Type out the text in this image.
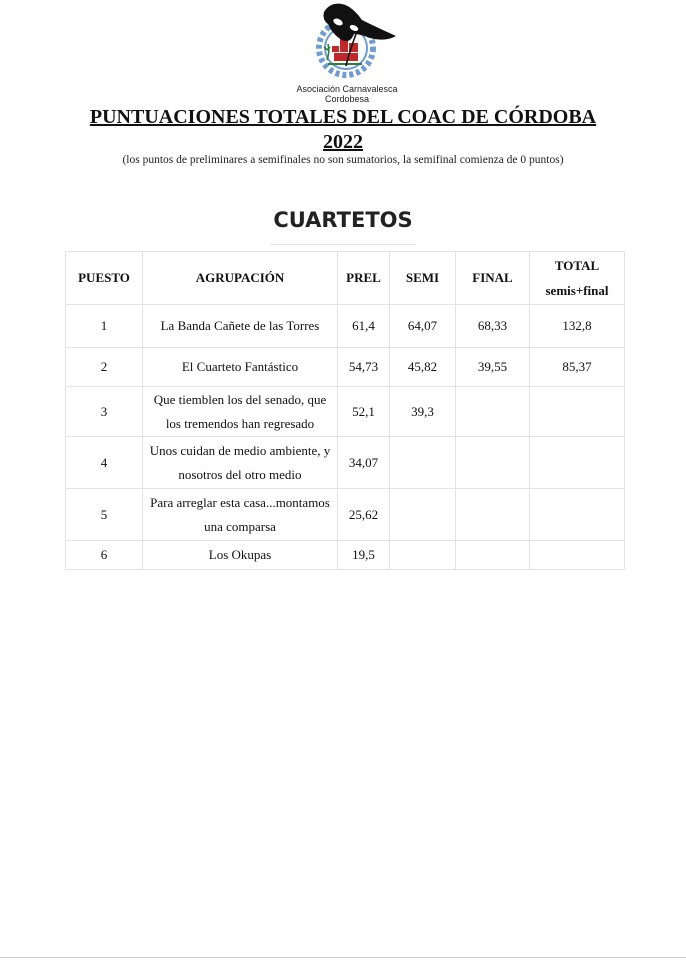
Asociación Carnavalesca
Cordobesa
PUNTUACIONES TOTALES DEL COAC DE CÓRDOBA
2022
(los puntos de preliminares a semifinales no son sumatorios, la semifinal comienza de 0 puntos)
CUARTETOS
PUESTO	AGRUPACIÓN	PREL	SEMI	FINAL	TOTAL
semis+final
1	La Banda Cañete de las Torres	61,4	64,07	68,33	132,8
2	El Cuarteto Fantástico	54,73	45,82	39,55	85,37
3	Que tiemblen los del senado, que los tremendos han regresado	52,1	39,3		
4	Unos cuidan de medio ambiente, y nosotros del otro medio	34,07			
5	Para arreglar esta casa...montamos una comparsa	25,62			
6	Los Okupas	19,5			
